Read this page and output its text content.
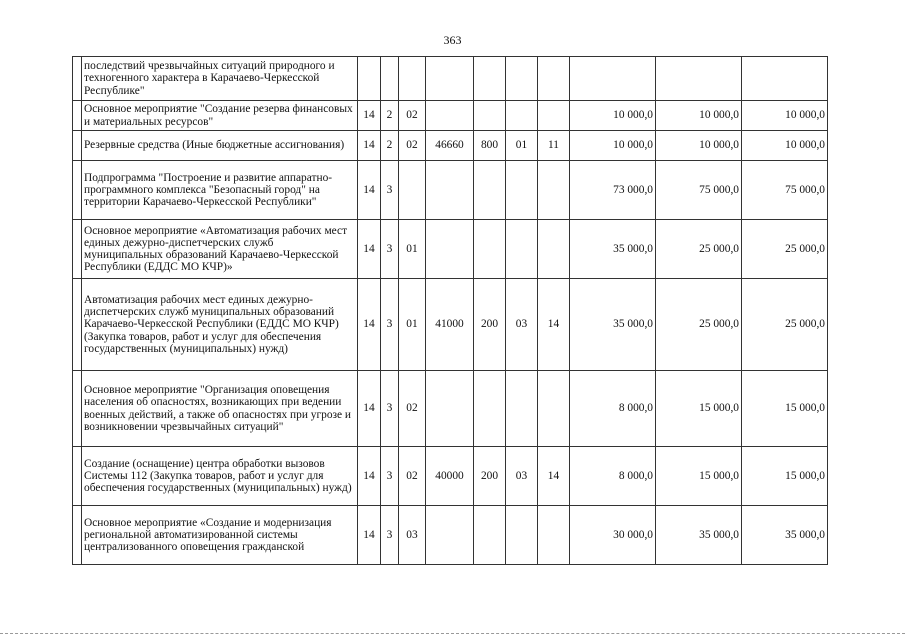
363
	последствий чрезвычайных ситуаций природного и техногенного характера в Карачаево-Черкесской Республике"										
	Основное мероприятие "Создание резерва финансовых и материальных ресурсов"	14	2	02					10 000,0	10 000,0	10 000,0
	Резервные средства (Иные бюджетные ассигнования)	14	2	02	46660	800	01	11	10 000,0	10 000,0	10 000,0
	Подпрограмма "Построение и развитие аппаратно-программного комплекса "Безопасный город" на территории Карачаево-Черкесской Республики"	14	3						73 000,0	75 000,0	75 000,0
	Основное мероприятие «Автоматизация рабочих мест единых дежурно-диспетчерских служб муниципальных образований Карачаево-Черкесской Республики (ЕДДС МО КЧР)»	14	3	01					35 000,0	25 000,0	25 000,0
	Автоматизация рабочих мест единых дежурно-диспетчерских служб муниципальных образований Карачаево-Черкесской Республики (ЕДДС МО КЧР) (Закупка товаров, работ и услуг для обеспечения государственных (муниципальных) нужд)	14	3	01	41000	200	03	14	35 000,0	25 000,0	25 000,0
	Основное мероприятие "Организация оповещения населения об опасностях, возникающих при ведении военных действий, а также об опасностях при угрозе и возникновении чрезвычайных ситуаций"	14	3	02					8 000,0	15 000,0	15 000,0
	Создание (оснащение) центра обработки вызовов Системы 112 (Закупка товаров, работ и услуг для обеспечения государственных (муниципальных) нужд)	14	3	02	40000	200	03	14	8 000,0	15 000,0	15 000,0
	Основное мероприятие «Создание и модернизация региональной автоматизированной системы централизованного оповещения гражданской	14	3	03					30 000,0	35 000,0	35 000,0
